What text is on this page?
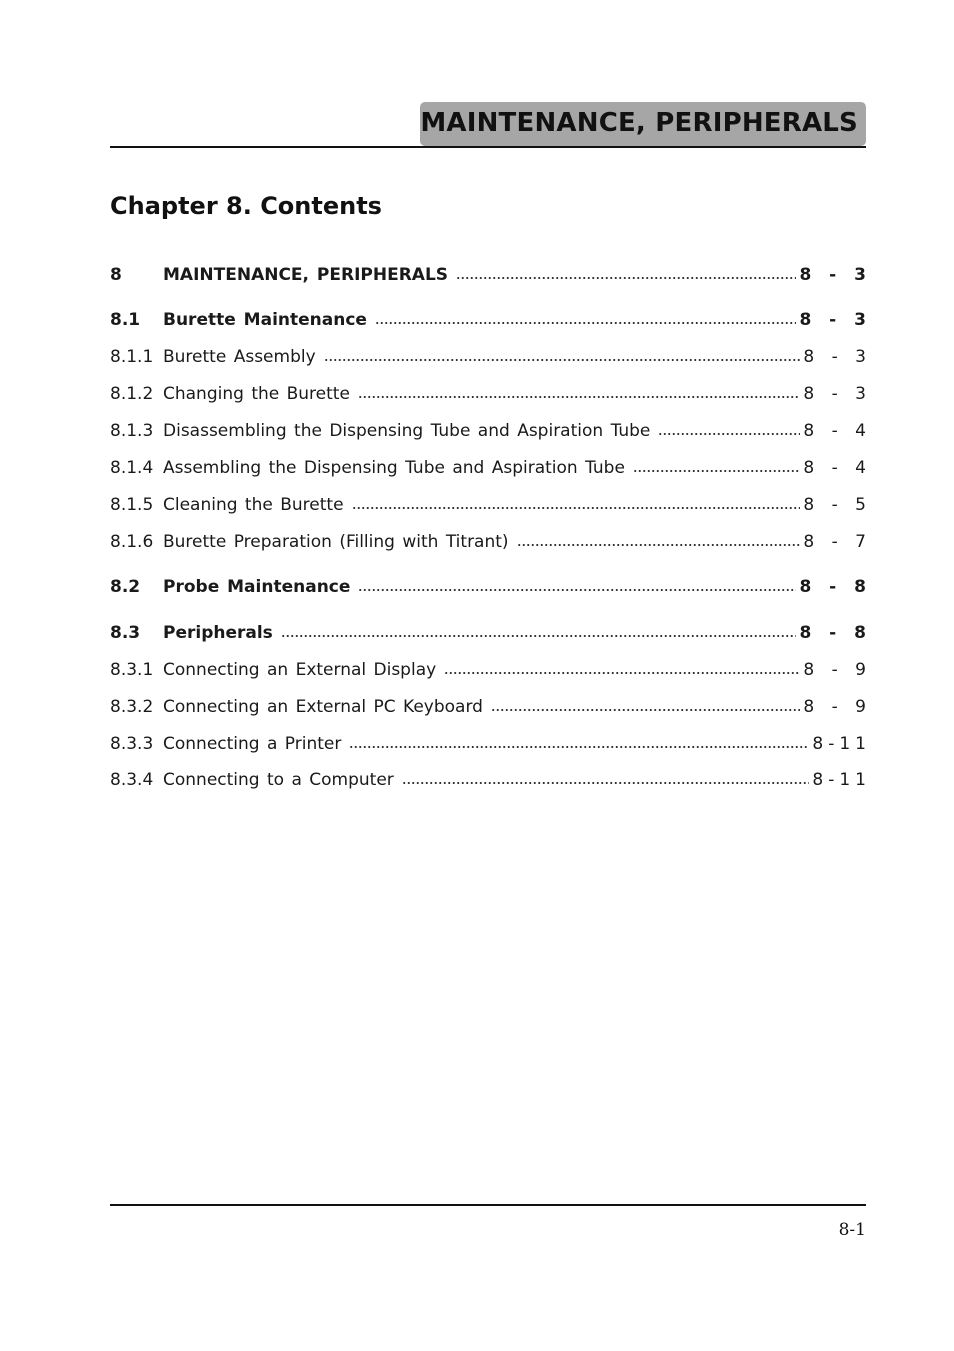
MAINTENANCE, PERIPHERALS
Chapter 8. Contents
8	MAINTENANCE, PERIPHERALS	8 - 3
8.1	Burette Maintenance	8 - 3
8.1.1 Burette Assembly	8 - 3
8.1.2 Changing the Burette	8 - 3
8.1.3 Disassembling the Dispensing Tube and Aspiration Tube	8 - 4
8.1.4 Assembling the Dispensing Tube and Aspiration Tube	8 - 4
8.1.5 Cleaning the Burette	8 - 5
8.1.6 Burette Preparation (Filling with Titrant)	8 - 7
8.2	Probe Maintenance	8 - 8
8.3	Peripherals	8 - 8
8.3.1 Connecting an External Display	8 - 9
8.3.2 Connecting an External PC Keyboard	8 - 9
8.3.3 Connecting a Printer	8-11
8.3.4 Connecting to a Computer	8-11
8-1
